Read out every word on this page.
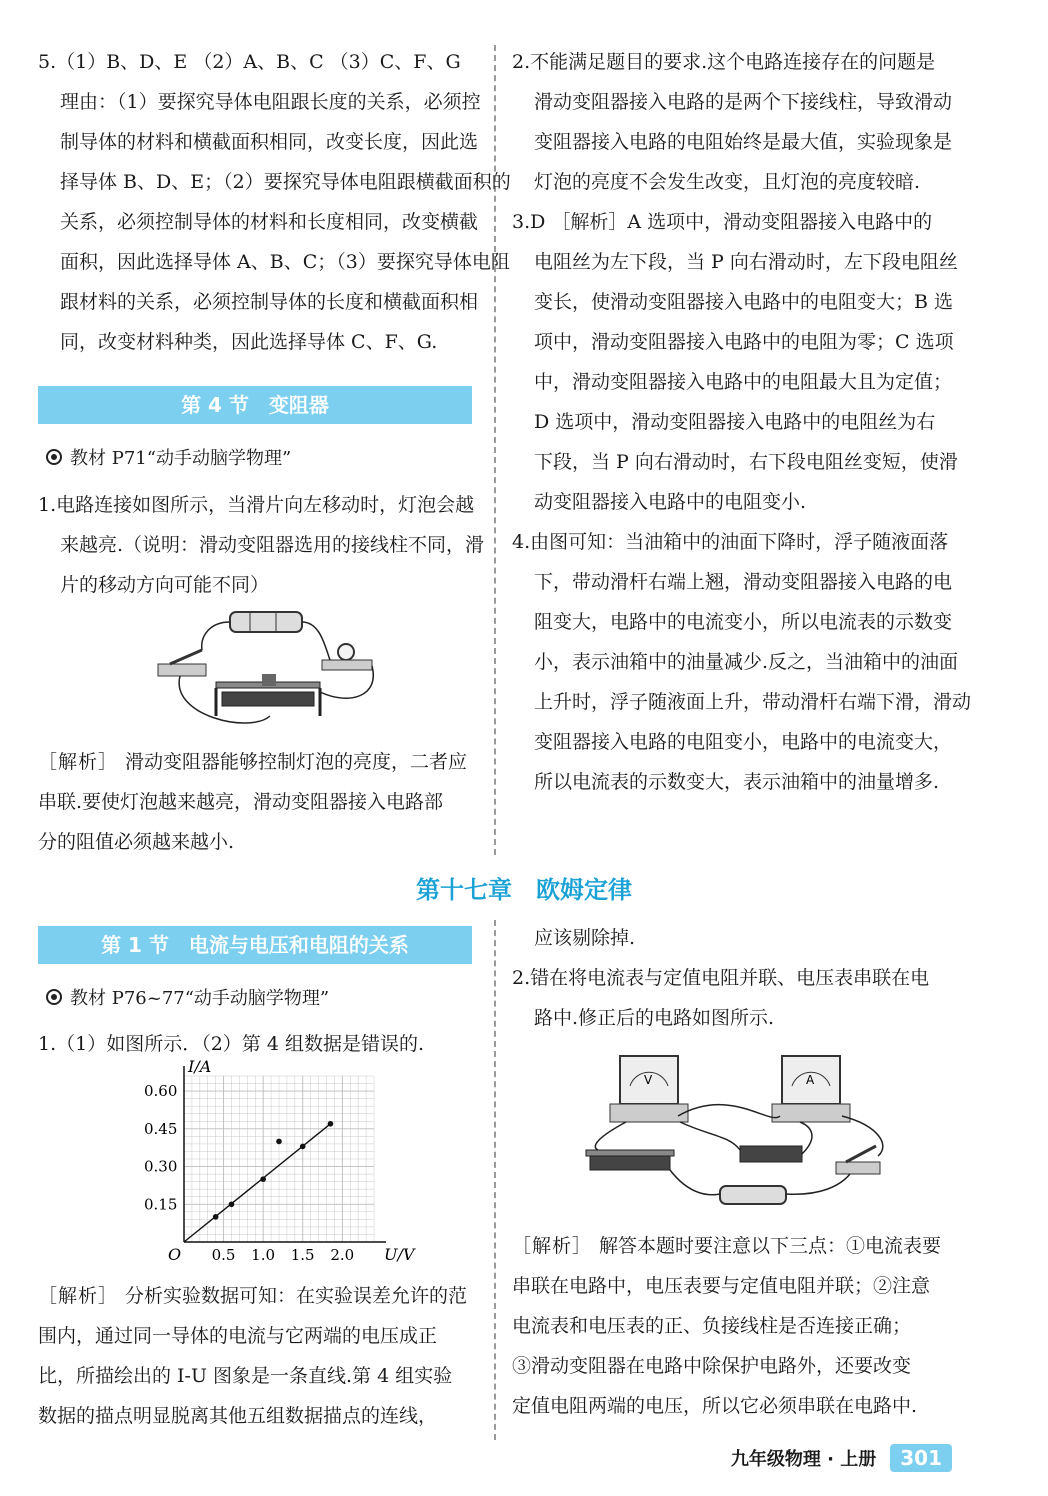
5.（1）B、D、E （2）A、B、C （3）C、F、G

理由：（1）要探究导体电阻跟长度的关系，必须控

制导体的材料和横截面积相同，改变长度，因此选

择导体 B、D、E；（2）要探究导体电阻跟横截面积的

关系，必须控制导体的材料和长度相同，改变横截

面积，因此选择导体 A、B、C；（3）要探究导体电阻

跟材料的关系，必须控制导体的长度和横截面积相

同，改变材料种类，因此选择导体 C、F、G.

第 4 节　变阻器
教材 P71“动手动脑学物理”

1.电路连接如图所示，当滑片向左移动时，灯泡会越

来越亮.（说明：滑动变阻器选用的接线柱不同，滑

片的移动方向可能不同）

［解析］ 滑动变阻器能够控制灯泡的亮度，二者应

串联.要使灯泡越来越亮，滑动变阻器接入电路部

分的阻值必须越来越小.

2.不能满足题目的要求.这个电路连接存在的问题是

滑动变阻器接入电路的是两个下接线柱，导致滑动

变阻器接入电路的电阻始终是最大值，实验现象是

灯泡的亮度不会发生改变，且灯泡的亮度较暗.

3.D ［解析］A 选项中，滑动变阻器接入电路中的

电阻丝为左下段，当 P 向右滑动时，左下段电阻丝

变长，使滑动变阻器接入电路中的电阻变大；B 选

项中，滑动变阻器接入电路中的电阻为零；C 选项

中，滑动变阻器接入电路中的电阻最大且为定值；

D 选项中，滑动变阻器接入电路中的电阻丝为右

下段，当 P 向右滑动时，右下段电阻丝变短，使滑

动变阻器接入电路中的电阻变小.

4.由图可知：当油箱中的油面下降时，浮子随液面落

下，带动滑杆右端上翘，滑动变阻器接入电路的电

阻变大，电路中的电流变小，所以电流表的示数变

小，表示油箱中的油量减少.反之，当油箱中的油面

上升时，浮子随液面上升，带动滑杆右端下滑，滑动

变阻器接入电路的电阻变小，电路中的电流变大，

所以电流表的示数变大，表示油箱中的油量增多.

第十七章　欧姆定律
第 1 节　电流与电压和电阻的关系
教材 P76~77“动手动脑学物理”

1.（1）如图所示．（2）第 4 组数据是错误的.

U/V
I/A
O 0.5 1.0 1.5 2.0
0.15
0.30
0.45
0.60

［解析］ 分析实验数据可知：在实验误差允许的范

围内，通过同一导体的电流与它两端的电压成正

比，所描绘出的 I-U 图象是一条直线.第 4 组实验

数据的描点明显脱离其他五组数据描点的连线，

应该剔除掉.

2.错在将电流表与定值电阻并联、电压表串联在电

路中.修正后的电路如图所示.

V	A

［解析］ 解答本题时要注意以下三点：①电流表要

串联在电路中，电压表要与定值电阻并联；②注意

电流表和电压表的正、负接线柱是否连接正确；

③滑动变阻器在电路中除保护电路外，还要改变

定值电阻两端的电压，所以它必须串联在电路中.

九年级物理 · 上册	301
